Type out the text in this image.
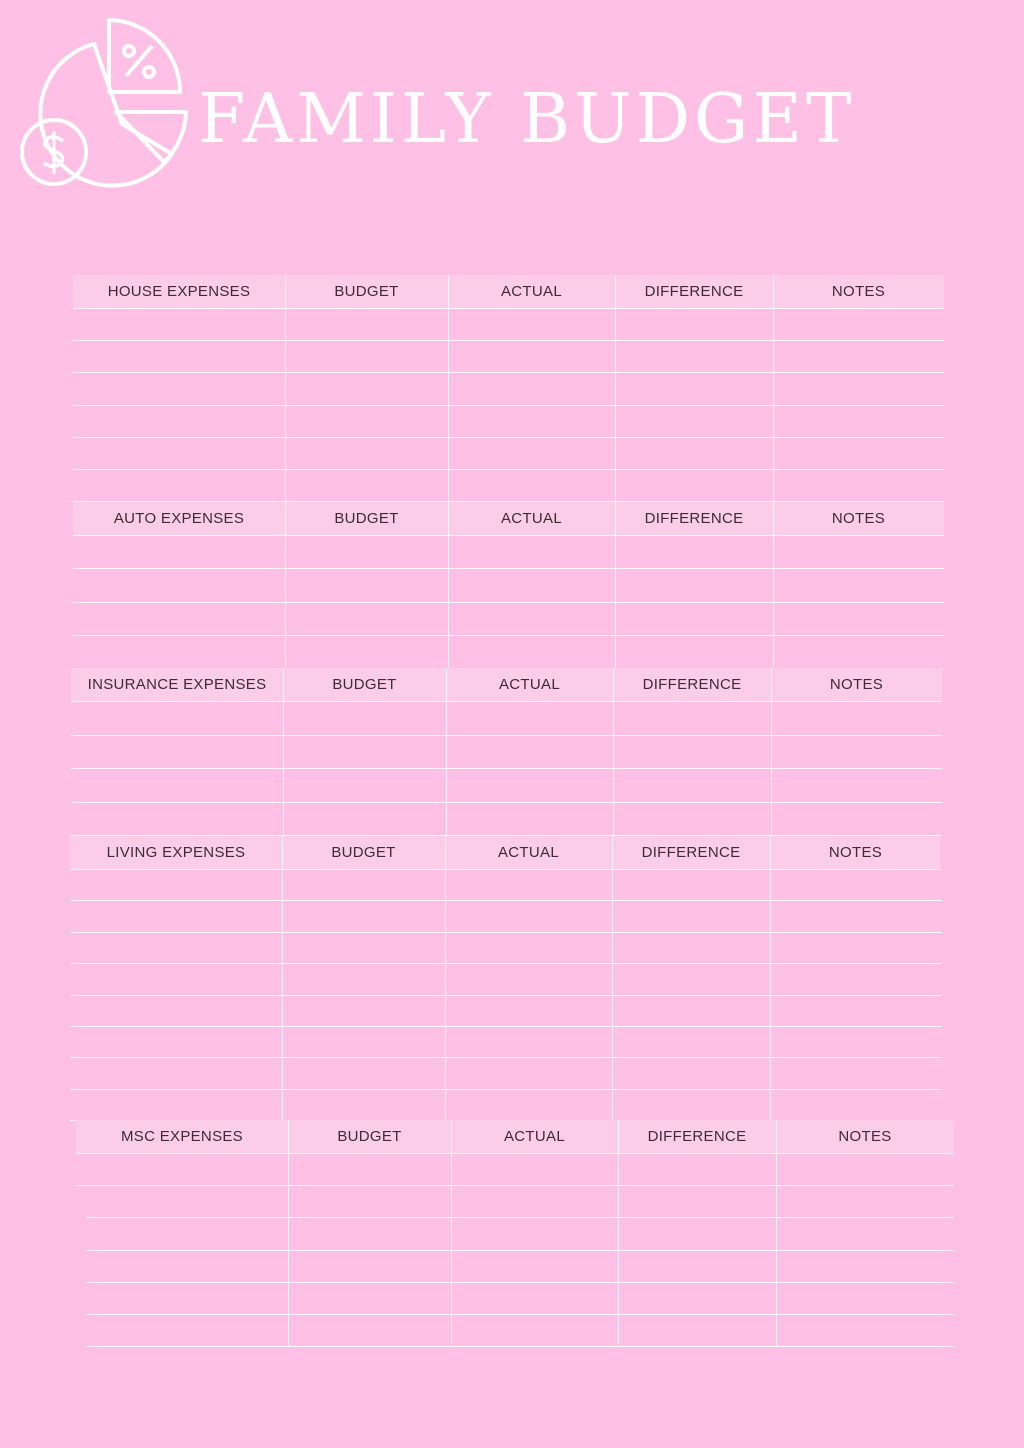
FAMILY BUDGET
HOUSE EXPENSES	BUDGET	ACTUAL	DIFFERENCE	NOTES
AUTO EXPENSES	BUDGET	ACTUAL	DIFFERENCE	NOTES
INSURANCE EXPENSES	BUDGET	ACTUAL	DIFFERENCE	NOTES
LIVING EXPENSES	BUDGET	ACTUAL	DIFFERENCE	NOTES
MSC EXPENSES	BUDGET	ACTUAL	DIFFERENCE	NOTES
